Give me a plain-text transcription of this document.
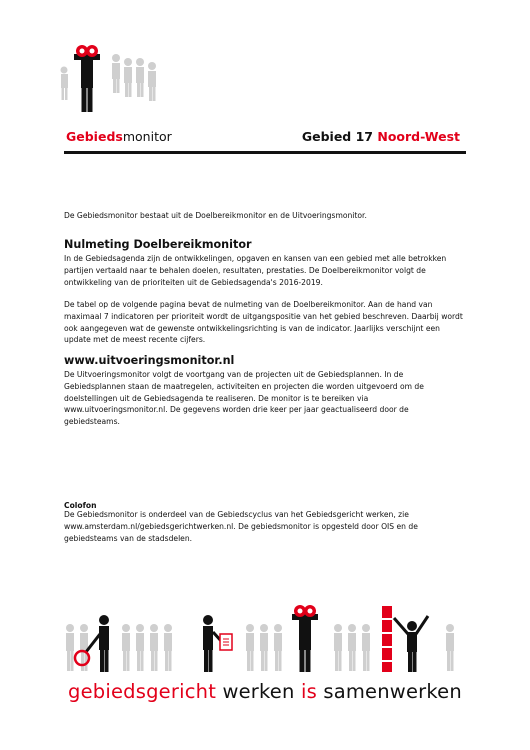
Gebiedsmonitor	Gebied 17 Noord-West
De Gebiedsmonitor bestaat uit de Doelbereikmonitor en de Uitvoeringsmonitor.
Nulmeting Doelbereikmonitor
In de Gebiedsagenda zijn de ontwikkelingen, opgaven en kansen van een gebied met alle betrokken partijen vertaald naar te behalen doelen, resultaten, prestaties. De Doelbereikmonitor volgt de ontwikkeling van de prioriteiten uit de Gebiedsagenda's 2016-2019.
De tabel op de volgende pagina bevat de nulmeting van de Doelbereikmonitor. Aan de hand van maximaal 7 indicatoren per prioriteit wordt de uitgangspositie van het gebied beschreven. Daarbij wordt ook aangegeven wat de gewenste ontwikkelingsrichting is van de indicator. Jaarlijks verschijnt een update met de meest recente cijfers.
www.uitvoeringsmonitor.nl
De Uitvoeringsmonitor volgt de voortgang van de projecten uit de Gebiedsplannen. In de Gebiedsplannen staan de maatregelen, activiteiten en projecten die worden uitgevoerd om de doelstellingen uit de Gebiedsagenda te realiseren. De monitor is te bereiken via www.uitvoeringsmonitor.nl. De gegevens worden drie keer per jaar geactualiseerd door de gebiedsteams.
Colofon
De Gebiedsmonitor is onderdeel van de Gebiedscyclus van het Gebiedsgericht werken, zie www.amsterdam.nl/gebiedsgerichtwerken.nl. De gebiedsmonitor is opgesteld door OIS en de gebiedsteams van de stadsdelen.
gebiedsgericht werken is samenwerken
